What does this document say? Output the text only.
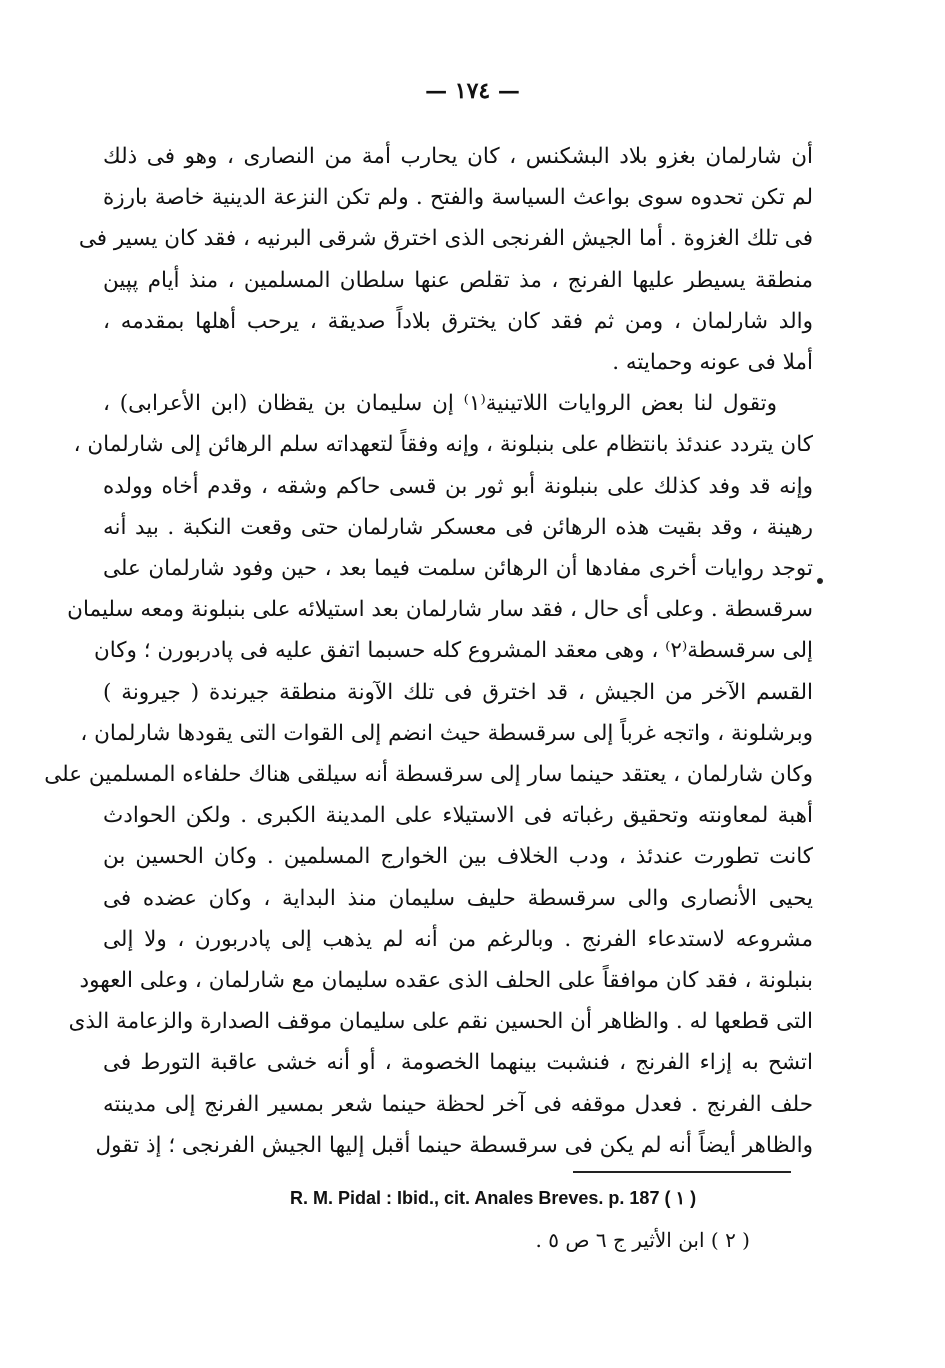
— ١٧٤ —
أن شارلمان بغزو بلاد البشكنس ، كان يحارب أمة من النصارى ، وهو فى ذلك
لم تكن تحدوه سوى بواعث السياسة والفتح . ولم تكن النزعة الدينية خاصة بارزة
فى تلك الغزوة . أما الجيش الفرنجى الذى اخترق شرقى البرنيه ، فقد كان يسير فى
منطقة يسيطر عليها الفرنج ، مذ تقلص عنها سلطان المسلمين ، منذ أيام پپين
والد شارلمان ، ومن ثم فقد كان يخترق بلاداً صديقة ، يرحب أهلها بمقدمه ،
أملا فى عونه وحمايته .
وتقول لنا بعض الروايات اللاتينية⁽١⁾ إن سليمان بن يقظان (ابن الأعرابى) ،
كان يتردد عندئذ بانتظام على بنبلونة ، وإنه وفقاً لتعهداته سلم الرهائن إلى شارلمان ،
وإنه قد وفد كذلك على بنبلونة أبو ثور بن قسى حاكم وشقه ، وقدم أخاه وولده
رهينة ، وقد بقيت هذه الرهائن فى معسكر شارلمان حتى وقعت النكبة . بيد أنه
توجد روايات أخرى مفادها أن الرهائن سلمت فيما بعد ، حين وفود شارلمان على
سرقسطة . وعلى أى حال ، فقد سار شارلمان بعد استيلائه على بنبلونة ومعه سليمان
إلى سرقسطة⁽٢⁾ ، وهى معقد المشروع كله حسبما اتفق عليه فى پادربورن ؛ وكان
القسم الآخر من الجيش ، قد اخترق فى تلك الآونة منطقة جيرندة ( جيرونة )
وبرشلونة ، واتجه غرباً إلى سرقسطة حيث انضم إلى القوات التى يقودها شارلمان ،
وكان شارلمان ، يعتقد حينما سار إلى سرقسطة أنه سيلقى هناك حلفاءه المسلمين على
أهبة لمعاونته وتحقيق رغباته فى الاستيلاء على المدينة الكبرى . ولكن الحوادث
كانت تطورت عندئذ ، ودب الخلاف بين الخوارج المسلمين . وكان الحسين بن
يحيى الأنصارى والى سرقسطة حليف سليمان منذ البداية ، وكان عضده فى
مشروعه لاستدعاء الفرنج . وبالرغم من أنه لم يذهب إلى پادربورن ، ولا إلى
بنبلونة ، فقد كان موافقاً على الحلف الذى عقده سليمان مع شارلمان ، وعلى العهود
التى قطعها له . والظاهر أن الحسين نقم على سليمان موقف الصدارة والزعامة الذى
اتشح به إزاء الفرنج ، فنشبت بينهما الخصومة ، أو أنه خشى عاقبة التورط فى
حلف الفرنج . فعدل موقفه فى آخر لحظة حينما شعر بمسير الفرنج إلى مدينته
والظاهر أيضاً أنه لم يكن فى سرقسطة حينما أقبل إليها الجيش الفرنجى ؛ إذ تقول
R. M. Pidal : Ibid., cit. Anales Breves. p. 187 ( ١ )
( ٢ ) ابن الأثير ج ٦ ص ٥ .
